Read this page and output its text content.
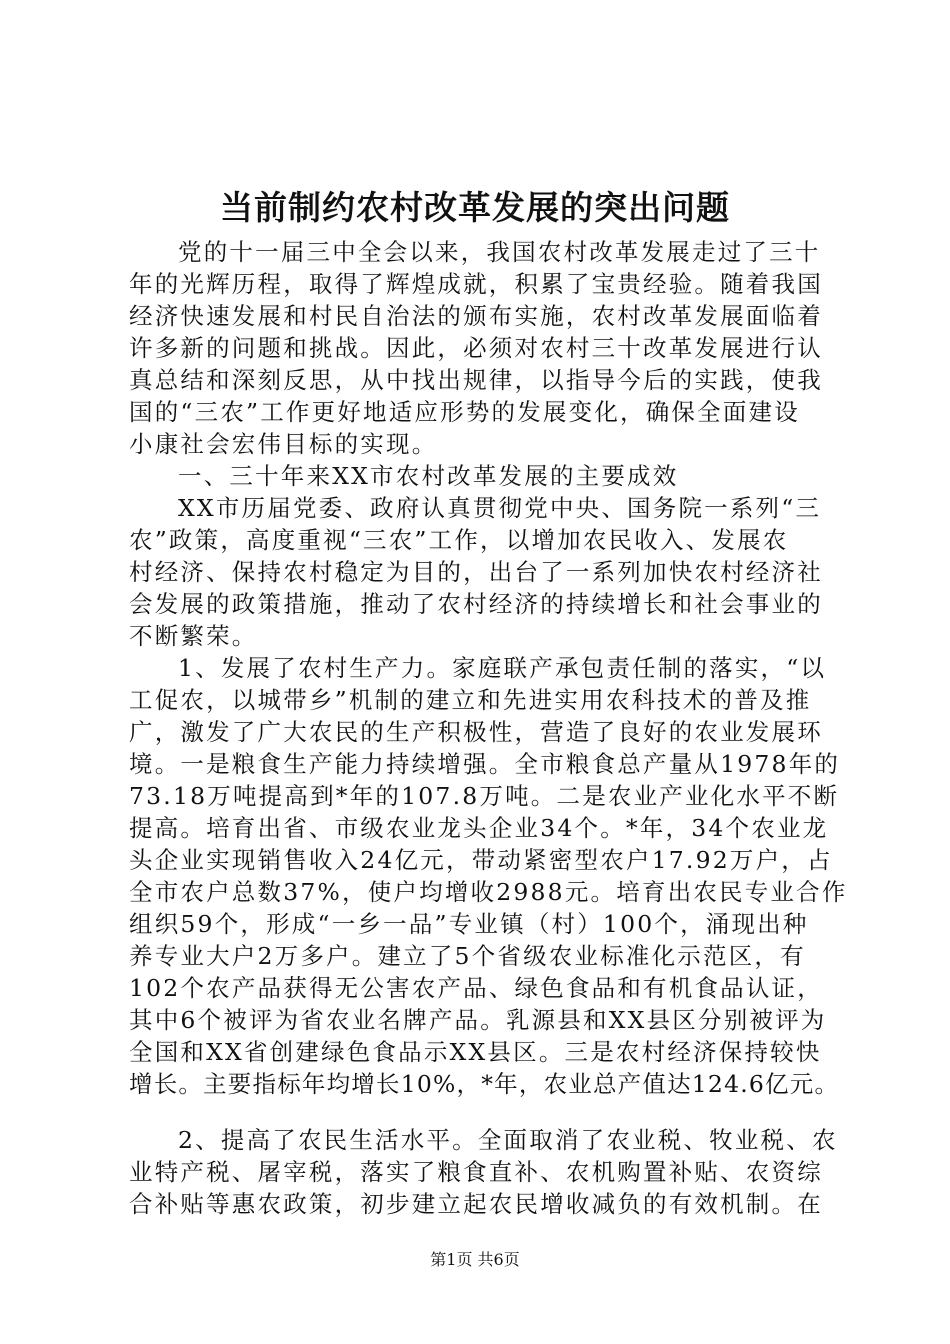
当前制约农村改革发展的突出问题
党的十一届三中全会以来，我国农村改革发展走过了三十
年的光辉历程，取得了辉煌成就，积累了宝贵经验。随着我国
经济快速发展和村民自治法的颁布实施，农村改革发展面临着
许多新的问题和挑战。因此，必须对农村三十改革发展进行认
真总结和深刻反思，从中找出规律，以指导今后的实践，使我
国的“三农”工作更好地适应形势的发展变化，确保全面建设
小康社会宏伟目标的实现。
一、三十年来XX市农村改革发展的主要成效
XX市历届党委、政府认真贯彻党中央、国务院一系列“三
农”政策，高度重视“三农”工作，以增加农民收入、发展农
村经济、保持农村稳定为目的，出台了一系列加快农村经济社
会发展的政策措施，推动了农村经济的持续增长和社会事业的
不断繁荣。
1、发展了农村生产力。家庭联产承包责任制的落实，“以
工促农，以城带乡”机制的建立和先进实用农科技术的普及推
广，激发了广大农民的生产积极性，营造了良好的农业发展环
境。一是粮食生产能力持续增强。全市粮食总产量从1978年的
73.18万吨提高到*年的107.8万吨。二是农业产业化水平不断
提高。培育出省、市级农业龙头企业34个。*年，34个农业龙
头企业实现销售收入24亿元，带动紧密型农户17.92万户，占
全市农户总数37%，使户均增收2988元。培育出农民专业合作
组织59个，形成“一乡一品”专业镇（村）100个，涌现出种
养专业大户2万多户。建立了5个省级农业标准化示范区，有
102个农产品获得无公害农产品、绿色食品和有机食品认证，
其中6个被评为省农业名牌产品。乳源县和XX县区分别被评为
全国和XX省创建绿色食品示XX县区。三是农村经济保持较快
增长。主要指标年均增长10%，*年，农业总产值达124.6亿元。
2、提高了农民生活水平。全面取消了农业税、牧业税、农
业特产税、屠宰税，落实了粮食直补、农机购置补贴、农资综
合补贴等惠农政策，初步建立起农民增收减负的有效机制。在
第1页 共6页
